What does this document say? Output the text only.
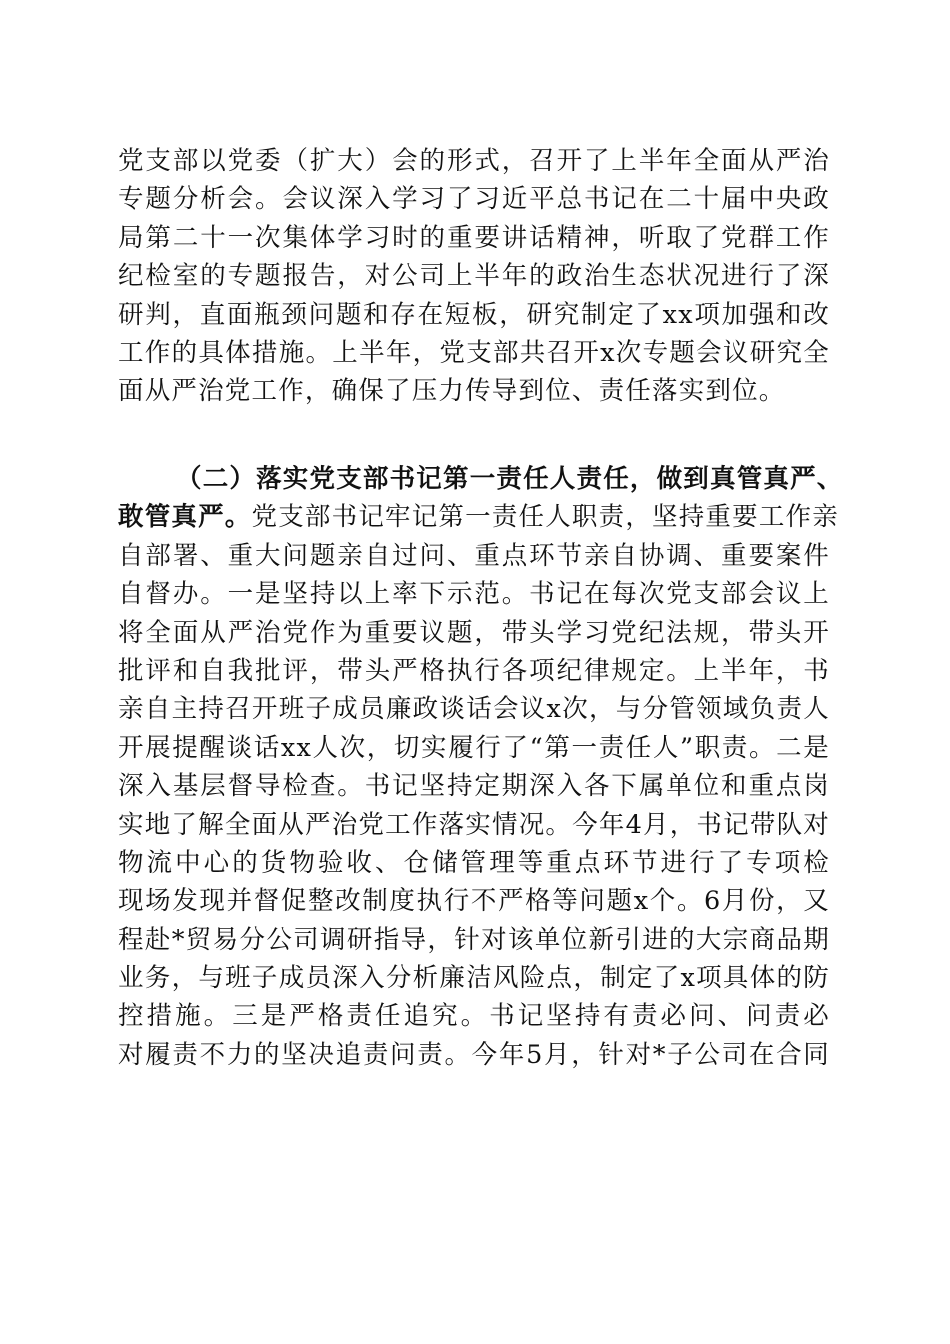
党支部以党委（扩大）会的形式，召开了上半年全面从严治
专题分析会。会议深入学习了习近平总书记在二十届中央政
局第二十一次集体学习时的重要讲话精神，听取了党群工作
纪检室的专题报告，对公司上半年的政治生态状况进行了深
研判，直面瓶颈问题和存在短板，研究制定了xx项加强和改
工作的具体措施。上半年，党支部共召开x次专题会议研究全
面从严治党工作，确保了压力传导到位、责任落实到位。
（二）落实党支部书记第一责任人责任，做到真管真严、
敢管真严。党支部书记牢记第一责任人职责，坚持重要工作亲
自部署、重大问题亲自过问、重点环节亲自协调、重要案件
自督办。一是坚持以上率下示范。书记在每次党支部会议上
将全面从严治党作为重要议题，带头学习党纪法规，带头开
批评和自我批评，带头严格执行各项纪律规定。上半年，书
亲自主持召开班子成员廉政谈话会议x次，与分管领域负责人
开展提醒谈话xx人次，切实履行了“第一责任人”职责。二是
深入基层督导检查。书记坚持定期深入各下属单位和重点岗
实地了解全面从严治党工作落实情况。今年4月，书记带队对
物流中心的货物验收、仓储管理等重点环节进行了专项检
现场发现并督促整改制度执行不严格等问题x个。6月份，又
程赴*贸易分公司调研指导，针对该单位新引进的大宗商品期
业务，与班子成员深入分析廉洁风险点，制定了x项具体的防
控措施。三是严格责任追究。书记坚持有责必问、问责必
对履责不力的坚决追责问责。今年5月，针对*子公司在合同
